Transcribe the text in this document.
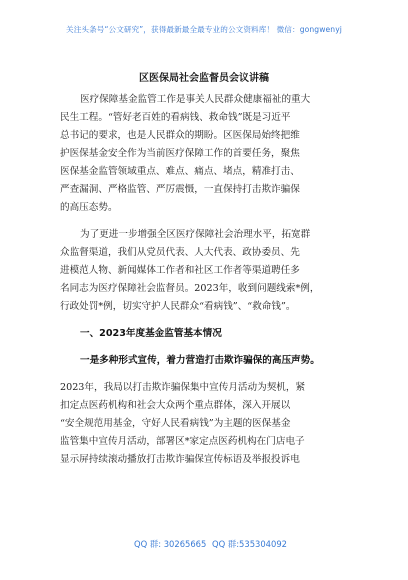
关注头条号“公文研究”，获得最新最全最专业的公文资料库！ 微信：gongwenyj
区医保局社会监督员会议讲稿
医疗保障基金监管工作是事关人民群众健康福祉的重大
民生工程。“管好老百姓的看病钱、救命钱”既是习近平
总书记的要求，也是人民群众的期盼。区医保局始终把维
护医保基金安全作为当前医疗保障工作的首要任务，聚焦
医保基金监管领域重点、难点、痛点、堵点，精准打击、
严查漏洞、严格监管、严厉震慑，一直保持打击欺诈骗保
的高压态势。
为了更进一步增强全区医疗保障社会治理水平，拓宽群
众监督渠道，我们从党员代表、人大代表、政协委员、先
进模范人物、新闻媒体工作者和社区工作者等渠道聘任多
名同志为医疗保障社会监督员。2023年，收到问题线索*例，
行政处罚*例，切实守护人民群众“看病钱”、“救命钱”。
一、2023年度基金监管基本情况
一是多种形式宣传，着力营造打击欺诈骗保的高压声势。
2023年，我局以打击欺诈骗保集中宣传月活动为契机，紧
扣定点医药机构和社会大众两个重点群体，深入开展以
“安全规范用基金，守好人民看病钱”为主题的医保基金
监管集中宣传月活动，部署区*家定点医药机构在门店电子
显示屏持续滚动播放打击欺诈骗保宣传标语及举报投诉电
QQ 群: 30265665 QQ 群:535304092
